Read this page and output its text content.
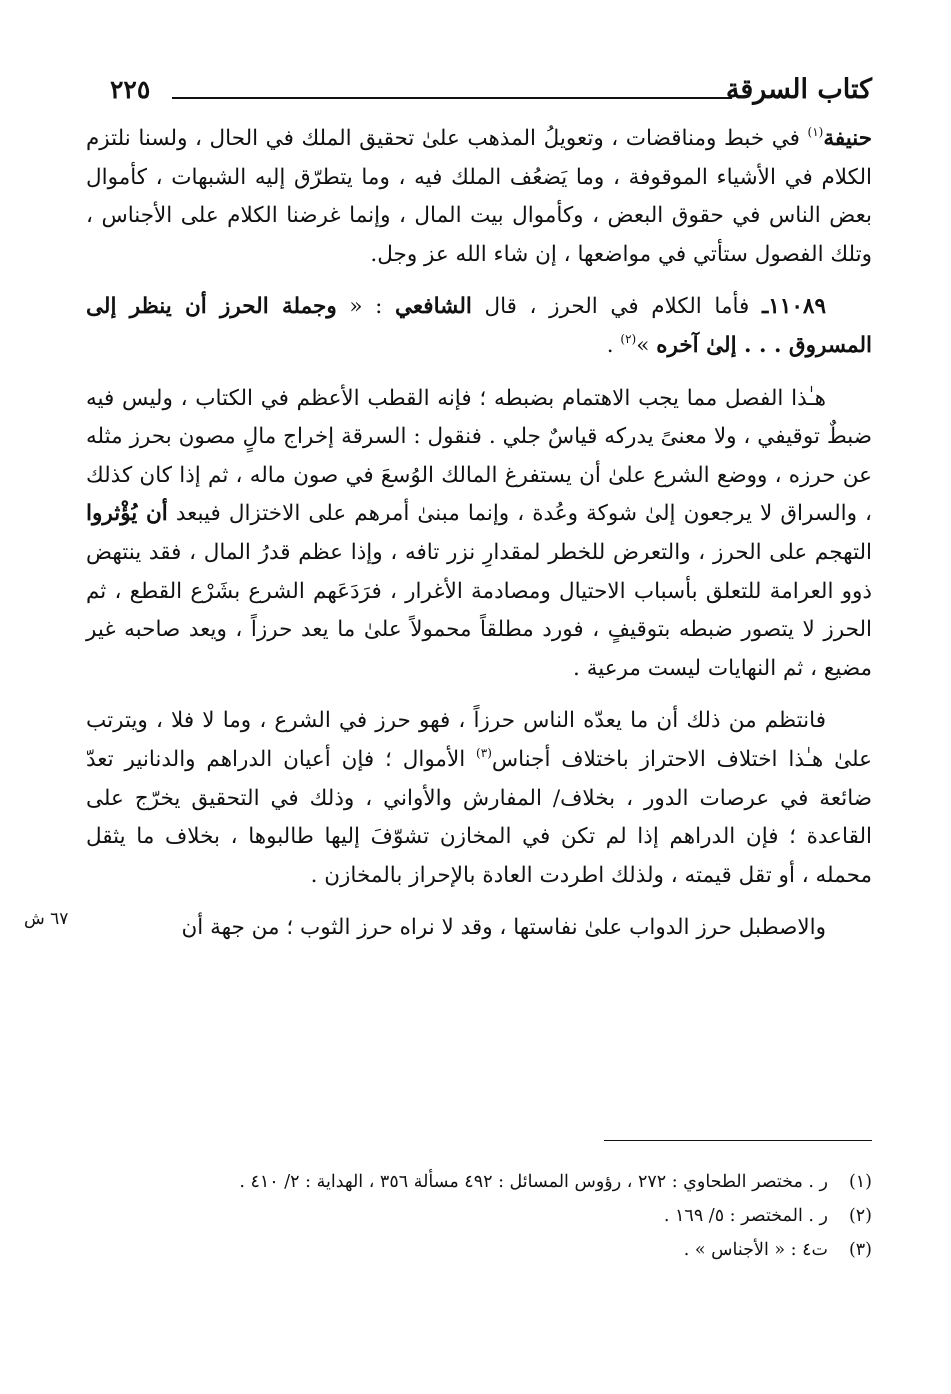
كتاب السرقة
٢٢٥

حنيفة$^{(١)}$ في خبط ومناقضات ، وتعويلُ المذهب علىٰ تحقيق الملك في الحال ، ولسنا نلتزم الكلام في الأشياء الموقوفة ، وما يَضعُف الملك فيه ، وما يتطرّق إليه الشبهات ، كأموال بعض الناس في حقوق البعض ، وكأموال بيت المال ، وإنما غرضنا الكلام على الأجناس ، وتلك الفصول ستأتي في مواضعها ، إن شاء الله عز وجل.

١١٠٨٩ـ فأما الكلام في الحرز ، قال الشافعي : « وجملة الحرز أن ينظر إلى المسروق . . . إلىٰ آخره »$^{(٢)}$ .

هـٰذا الفصل مما يجب الاهتمام بضبطه ؛ فإنه القطب الأعظم في الكتاب ، وليس فيه ضبطٌ توقيفي ، ولا معنىً يدركه قياسٌ جلي . فنقول : السرقة إخراج مالٍ مصون بحرز مثله عن حرزه ، ووضع الشرع علىٰ أن يستفرغ المالك الوُسعَ في صون ماله ، ثم إذا كان كذلك ، والسراق لا يرجعون إلىٰ شوكة وعُدة ، وإنما مبنىٰ أمرهم على الاختزال فيبعد أن يُؤْثروا التهجم على الحرز ، والتعرض للخطر لمقدارِ نزر تافه ، وإذا عظم قدرُ المال ، فقد ينتهض ذوو العرامة للتعلق بأسباب الاحتيال ومصادمة الأغرار ، فرَدَعَهم الشرع بشَرْع القطع ، ثم الحرز لا يتصور ضبطه بتوقيفٍ ، فورد مطلقاً محمولاً علىٰ ما يعد حرزاً ، ويعد صاحبه غير مضيع ، ثم النهايات ليست مرعية .

فانتظم من ذلك أن ما يعدّه الناس حرزاً ، فهو حرز في الشرع ، وما لا فلا ، ويترتب علىٰ هـٰذا اختلاف الاحتراز باختلاف أجناس$^{(٣)}$ الأموال ؛ فإن أعيان الدراهم والدنانير تعدّ ضائعة في عرصات الدور ، بخلاف/ المفارش والأواني ، وذلك في التحقيق يخرّج على القاعدة ؛ فإن الدراهم إذا لم تكن في المخازن تشوّفَ إليها طالبوها ، بخلاف ما يثقل محمله ، أو تقل قيمته ، ولذلك اطردت العادة بالإحراز بالمخازن .

والاصطبل حرز الدواب علىٰ نفاستها ، وقد لا نراه حرز الثوب ؛ من جهة أن

٦٧ ش
(١)
ر . مختصر الطحاوي : ٢٧٢ ، رؤوس المسائل : ٤٩٢ مسألة ٣٥٦ ، الهداية : ٢/ ٤١٠ .
(٢)
ر . المختصر : ٥/ ١٦٩ .
(٣)
ت٤ : « الأجناس » .
